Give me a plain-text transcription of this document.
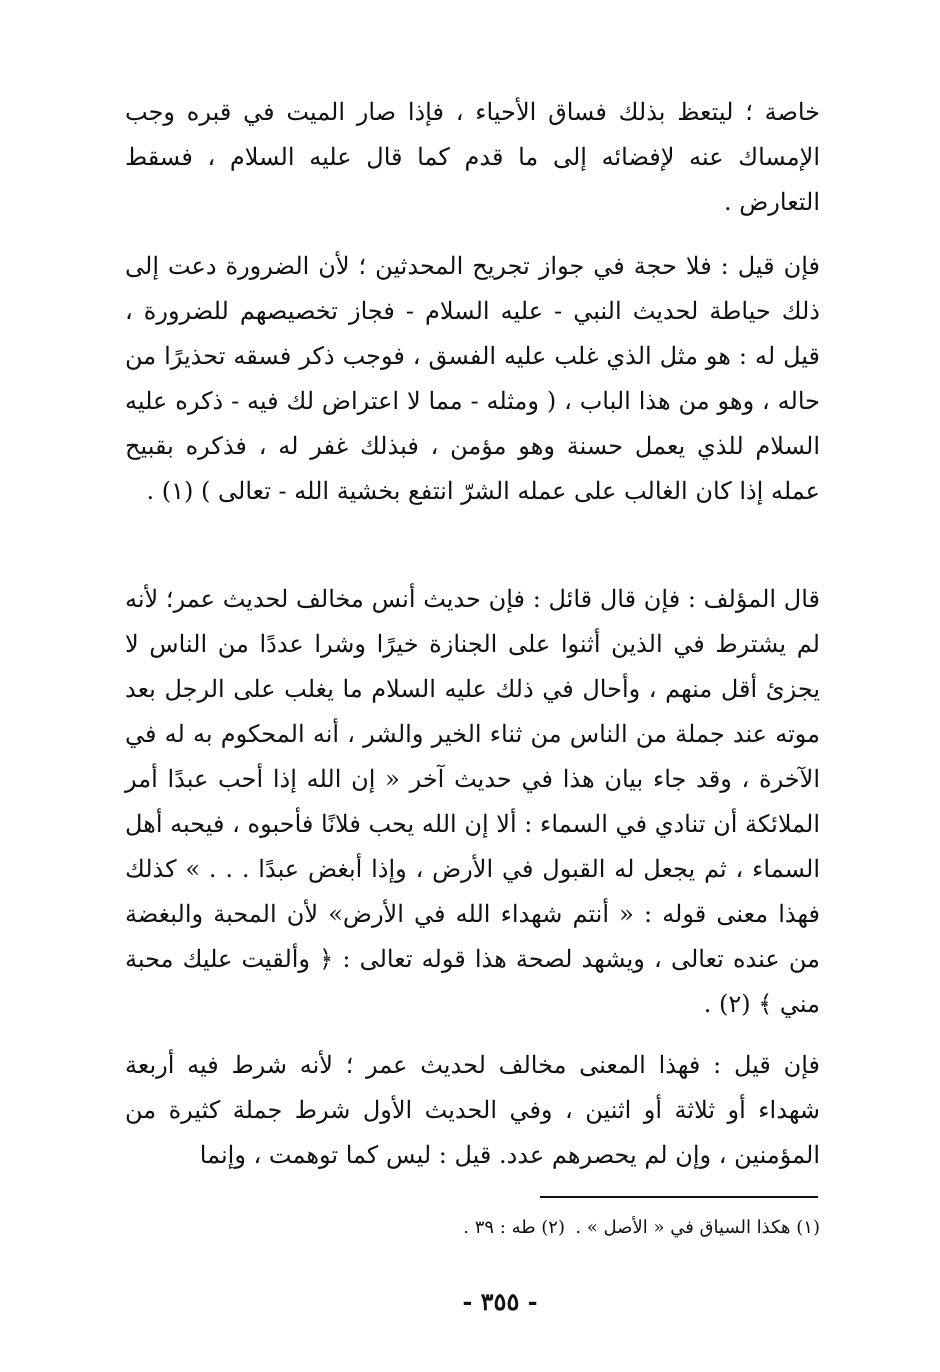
خاصة ؛ ليتعظ بذلك فساق الأحياء ، فإذا صار الميت في قبره وجب الإمساك عنه لإفضائه إلى ما قدم كما قال عليه السلام ، فسقط التعارض .

فإن قيل : فلا حجة في جواز تجريح المحدثين ؛ لأن الضرورة دعت إلى ذلك حياطة لحديث النبي - عليه السلام - فجاز تخصيصهم للضرورة ، قيل له : هو مثل الذي غلب عليه الفسق ، فوجب ذكر فسقه تحذيرًا من حاله ، وهو من هذا الباب ، ( ومثله - مما لا اعتراض لك فيه - ذكره عليه السلام للذي يعمل حسنة وهو مؤمن ، فبذلك غفر له ، فذكره بقبيح عمله إذا كان الغالب على عمله الشرّ انتفع بخشية الله - تعالى ) (١) .

قال المؤلف : فإن قال قائل : فإن حديث أنس مخالف لحديث عمر؛ لأنه لم يشترط في الذين أثنوا على الجنازة خيرًا وشرا عددًا من الناس لا يجزئ أقل منهم ، وأحال في ذلك عليه السلام ما يغلب على الرجل بعد موته عند جملة من الناس من ثناء الخير والشر ، أنه المحكوم به له في الآخرة ، وقد جاء بيان هذا في حديث آخر « إن الله إذا أحب عبدًا أمر الملائكة أن تنادي في السماء : ألا إن الله يحب فلانًا فأحبوه ، فيحبه أهل السماء ، ثم يجعل له القبول في الأرض ، وإذا أبغض عبدًا . . . » كذلك فهذا معنى قوله : « أنتم شهداء الله في الأرض» لأن المحبة والبغضة من عنده تعالى ، ويشهد لصحة هذا قوله تعالى : ﴿ وألقيت عليك محبة مني ﴾ (٢) .

فإن قيل : فهذا المعنى مخالف لحديث عمر ؛ لأنه شرط فيه أربعة شهداء أو ثلاثة أو اثنين ، وفي الحديث الأول شرط جملة كثيرة من المؤمنين ، وإن لم يحصرهم عدد. قيل : ليس كما توهمت ، وإنما

(١) هكذا السياق في « الأصل » .
(٢) طه : ٣٩ .
- ٣٥٥ -
